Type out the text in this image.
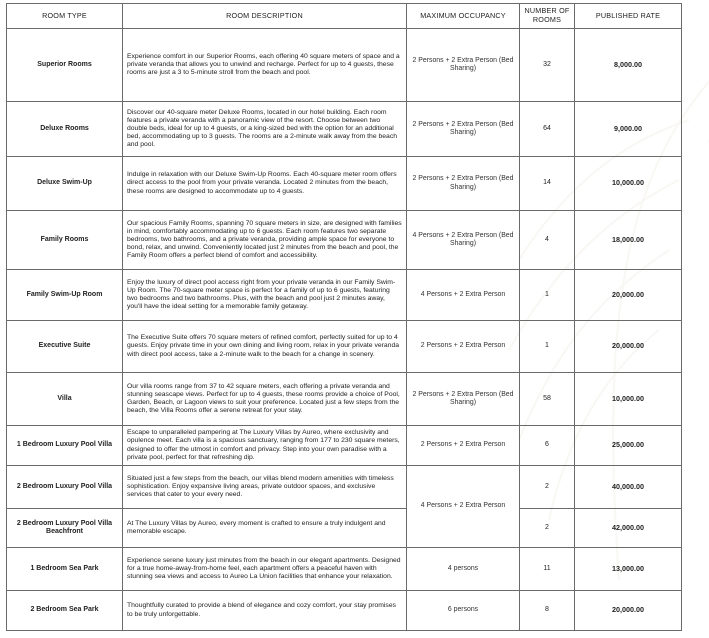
ROOM TYPE	ROOM DESCRIPTION	MAXIMUM OCCUPANCY	NUMBER OF ROOMS	PUBLISHED RATE
Superior Rooms	Experience comfort in our Superior Rooms, each offering 40 square meters of space and a private veranda that allows you to unwind and recharge. Perfect for up to 4 guests, these rooms are just a 3 to 5-minute stroll from the beach and pool.	2 Persons + 2 Extra Person (Bed Sharing)	32	8,000.00
Deluxe Rooms	Discover our 40-square meter Deluxe Rooms, located in our hotel building. Each room features a private veranda with a panoramic view of the resort. Choose between two double beds, ideal for up to 4 guests, or a king-sized bed with the option for an additional bed, accommodating up to 3 guests. The rooms are a 2-minute walk away from the beach and pool.	2 Persons + 2 Extra Person (Bed Sharing)	64	9,000.00
Deluxe Swim-Up	Indulge in relaxation with our Deluxe Swim-Up Rooms. Each 40-square meter room offers direct access to the pool from your private veranda. Located 2 minutes from the beach, these rooms are designed to accommodate up to 4 guests.	2 Persons + 2 Extra Person (Bed Sharing)	14	10,000.00
Family Rooms	Our spacious Family Rooms, spanning 70 square meters in size, are designed with families in mind, comfortably accommodating up to 6 guests. Each room features two separate bedrooms, two bathrooms, and a private veranda, providing ample space for everyone to bond, relax, and unwind. Conveniently located just 2 minutes from the beach and pool, the Family Room offers a perfect blend of comfort and accessibility.	4 Persons + 2 Extra Person (Bed Sharing)	4	18,000.00
Family Swim-Up Room	Enjoy the luxury of direct pool access right from your private veranda in our Family Swim-Up Room. The 70-square meter space is perfect for a family of up to 6 guests, featuring two bedrooms and two bathrooms. Plus, with the beach and pool just 2 minutes away, you'll have the ideal setting for a memorable family getaway.	4 Persons + 2 Extra Person	1	20,000.00
Executive Suite	The Executive Suite offers 70 square meters of refined comfort, perfectly suited for up to 4 guests. Enjoy private time in your own dining and living room, relax in your private veranda with direct pool access, take a 2-minute walk to the beach for a change in scenery.	2 Persons + 2 Extra Person	1	20,000.00
Villa	Our villa rooms range from 37 to 42 square meters, each offering a private veranda and stunning seascape views. Perfect for up to 4 guests, these rooms provide a choice of Pool, Garden, Beach, or Lagoon views to suit your preference. Located just a few steps from the beach, the Villa Rooms offer a serene retreat for your stay.	2 Persons + 2 Extra Person (Bed Sharing)	58	10,000.00
1 Bedroom Luxury Pool Villa	Escape to unparalleled pampering at The Luxury Villas by Aureo, where exclusivity and opulence meet. Each villa is a spacious sanctuary, ranging from 177 to 230 square meters, designed to offer the utmost in comfort and privacy. Step into your own paradise with a private pool, perfect for that refreshing dip.	2 Persons + 2 Extra Person	6	25,000.00
2 Bedroom Luxury Pool Villa	Situated just a few steps from the beach, our villas blend modern amenities with timeless sophistication. Enjoy expansive living areas, private outdoor spaces, and exclusive services that cater to your every need.	4 Persons + 2 Extra Person	2	40,000.00
2 Bedroom Luxury Pool Villa Beachfront	At The Luxury Villas by Aureo, every moment is crafted to ensure a truly indulgent and memorable escape.		2	42,000.00
1 Bedroom Sea Park	Experience serene luxury just minutes from the beach in our elegant apartments. Designed for a true home-away-from-home feel, each apartment offers a peaceful haven with stunning sea views and access to Aureo La Union facilities that enhance your relaxation.	4 persons	11	13,000.00
2 Bedroom Sea Park	Thoughtfully curated to provide a blend of elegance and cozy comfort, your stay promises to be truly unforgettable.	6 persons	8	20,000.00
